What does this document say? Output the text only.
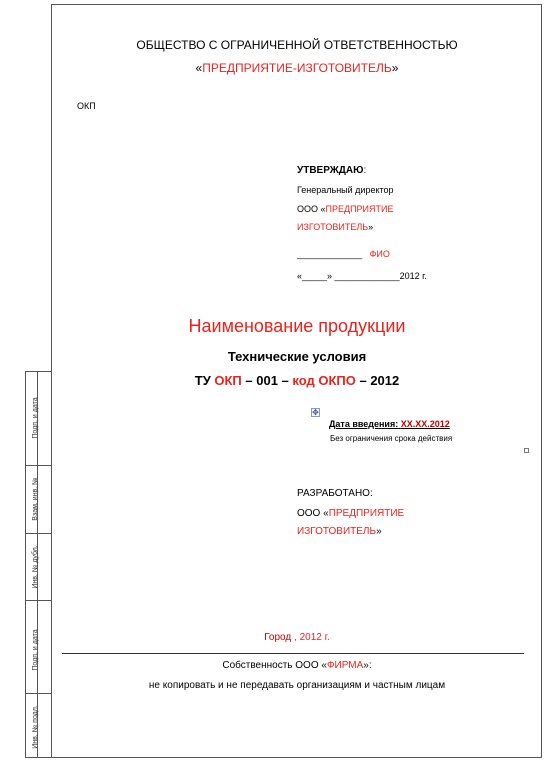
Подп. и дата
Взам. инв. №
Инв. № дубл.
Подп. и дата
Инв. № подл.
ОБЩЕСТВО С ОГРАНИЧЕННОЙ ОТВЕТСТВЕННОСТЬЮ
«ПРЕДПРИЯТИЕ-ИЗГОТОВИТЕЛЬ»
ОКП
УТВЕРЖДАЮ:
Генеральный директор
ООО «ПРЕДПРИЯТИЕ
ИЗГОТОВИТЕЛЬ»
_____________ ФИО
«_____» _____________2012 г.
Наименование продукции
Технические условия
ТУ ОКП – 001 – код ОКПО – 2012
✥
Дата введения: ХХ.ХХ.2012
Без ограничения срока действия
РАЗРАБОТАНО:
ООО «ПРЕДПРИЯТИЕ
ИЗГОТОВИТЕЛЬ»
Город , 2012 г.
Собственность ООО «ФИРМА»:
не копировать и не передавать организациям и частным лицам
